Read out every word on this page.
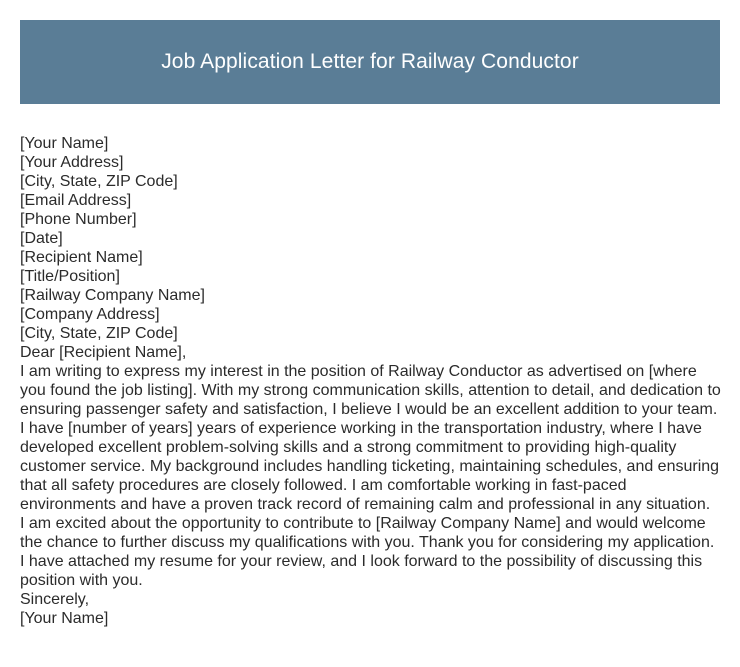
Job Application Letter for Railway Conductor
[Your Name]
[Your Address]
[City, State, ZIP Code]
[Email Address]
[Phone Number]
[Date]
[Recipient Name]
[Title/Position]
[Railway Company Name]
[Company Address]
[City, State, ZIP Code]
Dear [Recipient Name],
I am writing to express my interest in the position of Railway Conductor as advertised on [where you found the job listing]. With my strong communication skills, attention to detail, and dedication to ensuring passenger safety and satisfaction, I believe I would be an excellent addition to your team.
I have [number of years] years of experience working in the transportation industry, where I have developed excellent problem-solving skills and a strong commitment to providing high-quality customer service. My background includes handling ticketing, maintaining schedules, and ensuring that all safety procedures are closely followed. I am comfortable working in fast-paced environments and have a proven track record of remaining calm and professional in any situation.
I am excited about the opportunity to contribute to [Railway Company Name] and would welcome the chance to further discuss my qualifications with you. Thank you for considering my application. I have attached my resume for your review, and I look forward to the possibility of discussing this position with you.
Sincerely,
[Your Name]
